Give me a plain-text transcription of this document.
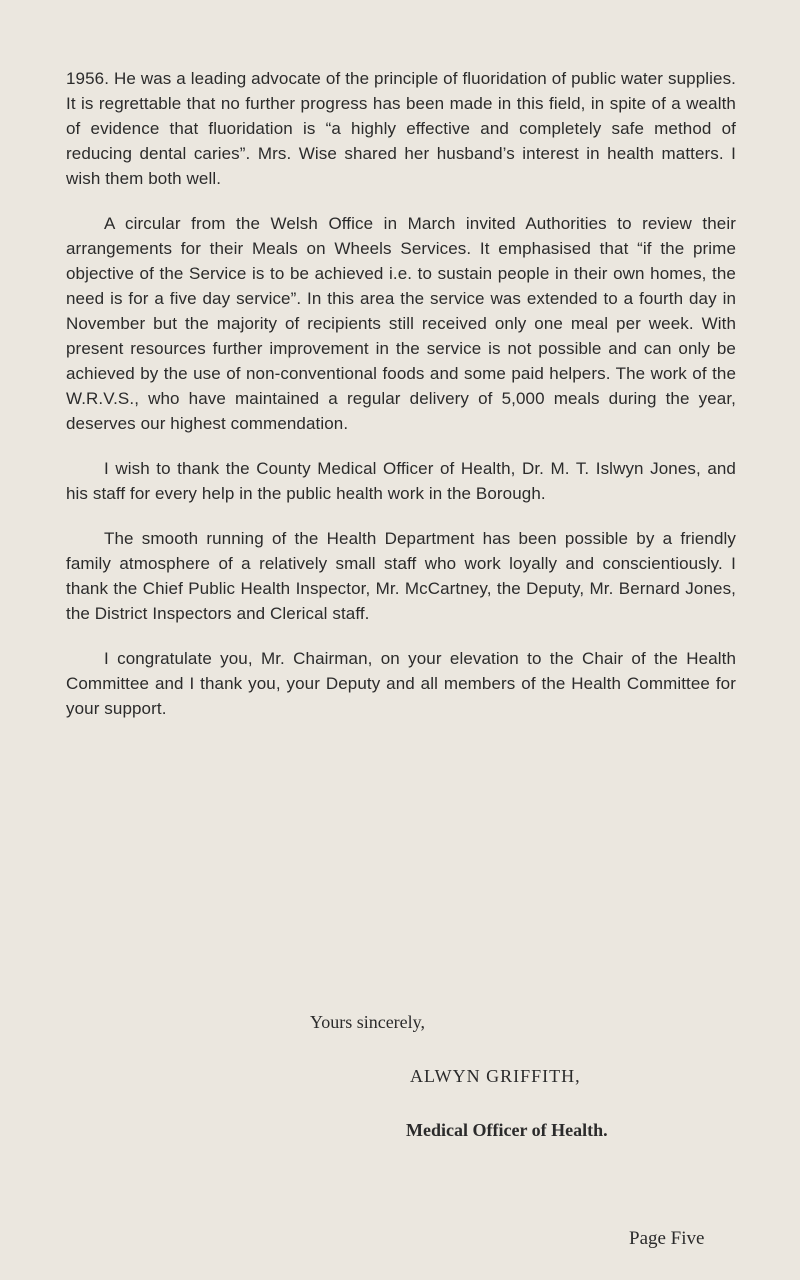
1956. He was a leading advocate of the principle of fluoridation of public water supplies. It is regrettable that no further progress has been made in this field, in spite of a wealth of evidence that fluoridation is “a highly effective and completely safe method of reducing dental caries”. Mrs. Wise shared her husband’s interest in health matters. I wish them both well.

A circular from the Welsh Office in March invited Authorities to review their arrangements for their Meals on Wheels Services. It emphasised that “if the prime objective of the Service is to be achieved i.e. to sustain people in their own homes, the need is for a five day service”. In this area the service was extended to a fourth day in November but the majority of recipients still received only one meal per week. With present resources further improvement in the service is not possible and can only be achieved by the use of non-conventional foods and some paid helpers. The work of the W.R.V.S., who have maintained a regular delivery of 5,000 meals during the year, deserves our highest commendation.

I wish to thank the County Medical Officer of Health, Dr. M. T. Islwyn Jones, and his staff for every help in the public health work in the Borough.

The smooth running of the Health Department has been possible by a friendly family atmosphere of a relatively small staff who work loyally and conscientiously. I thank the Chief Public Health Inspector, Mr. McCartney, the Deputy, Mr. Bernard Jones, the District Inspectors and Clerical staff.

I congratulate you, Mr. Chairman, on your elevation to the Chair of the Health Committee and I thank you, your Deputy and all members of the Health Committee for your support.

Yours sincerely,
ALWYN GRIFFITH,
Medical Officer of Health.
Page Five
